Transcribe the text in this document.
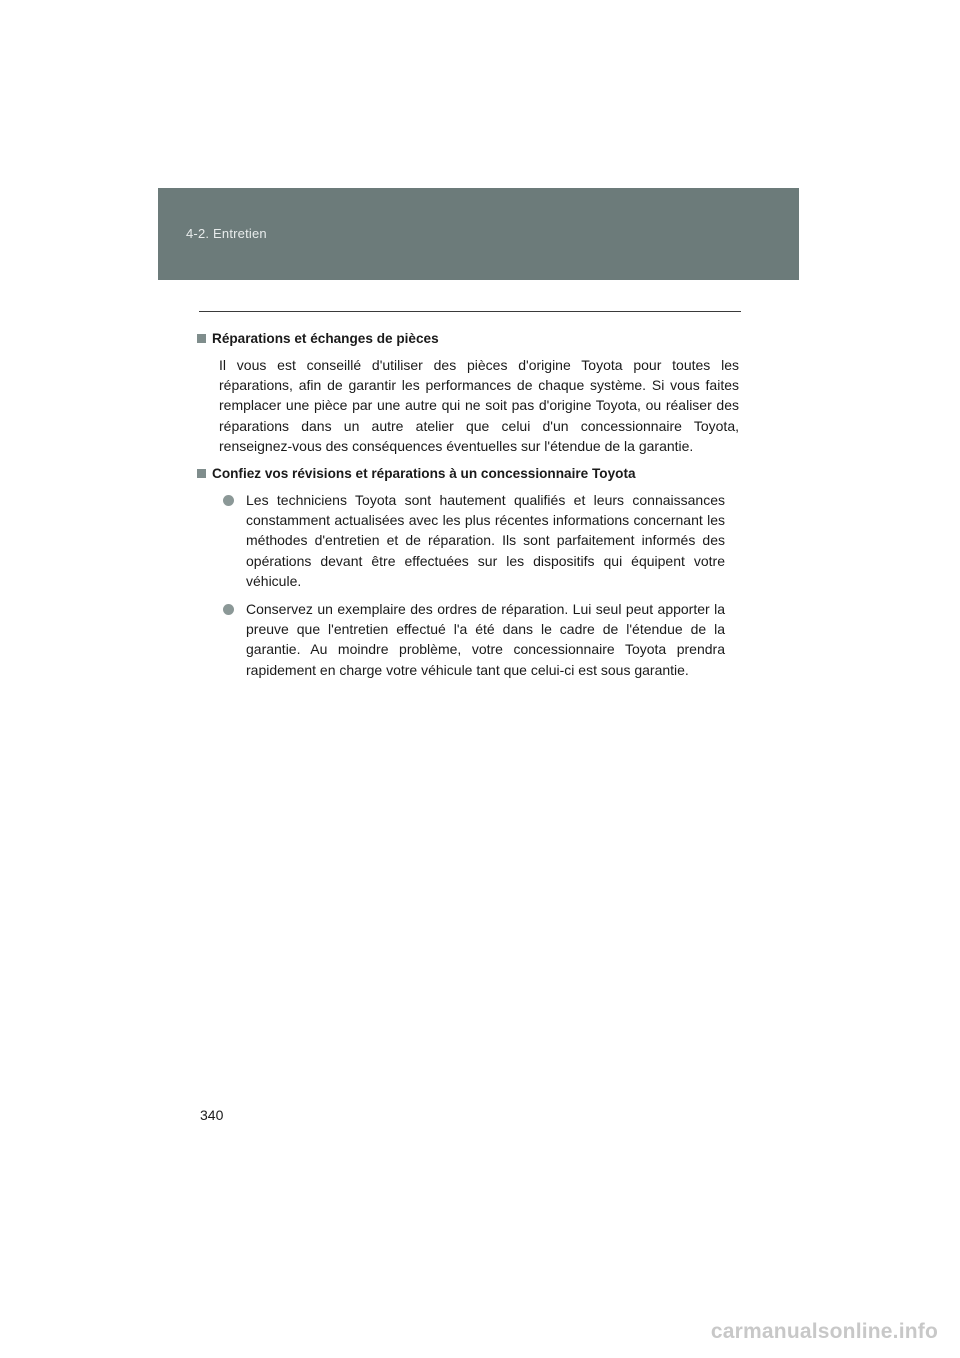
4-2. Entretien
Réparations et échanges de pièces

Il vous est conseillé d'utiliser des pièces d'origine Toyota pour toutes les réparations, afin de garantir les performances de chaque système. Si vous faites remplacer une pièce par une autre qui ne soit pas d'origine Toyota, ou réaliser des réparations dans un autre atelier que celui d'un concessionnaire Toyota, renseignez-vous des conséquences éventuelles sur l'étendue de la garantie.

Confiez vos révisions et réparations à un concessionnaire Toyota
Les techniciens Toyota sont hautement qualifiés et leurs connaissances constamment actualisées avec les plus récentes informations concernant les méthodes d'entretien et de réparation. Ils sont parfaitement informés des opérations devant être effectuées sur les dispositifs qui équipent votre véhicule.
Conservez un exemplaire des ordres de réparation. Lui seul peut apporter la preuve que l'entretien effectué l'a été dans le cadre de l'étendue de la garantie. Au moindre problème, votre concessionnaire Toyota prendra rapidement en charge votre véhicule tant que celui-ci est sous garantie.
340
carmanualsonline.info
